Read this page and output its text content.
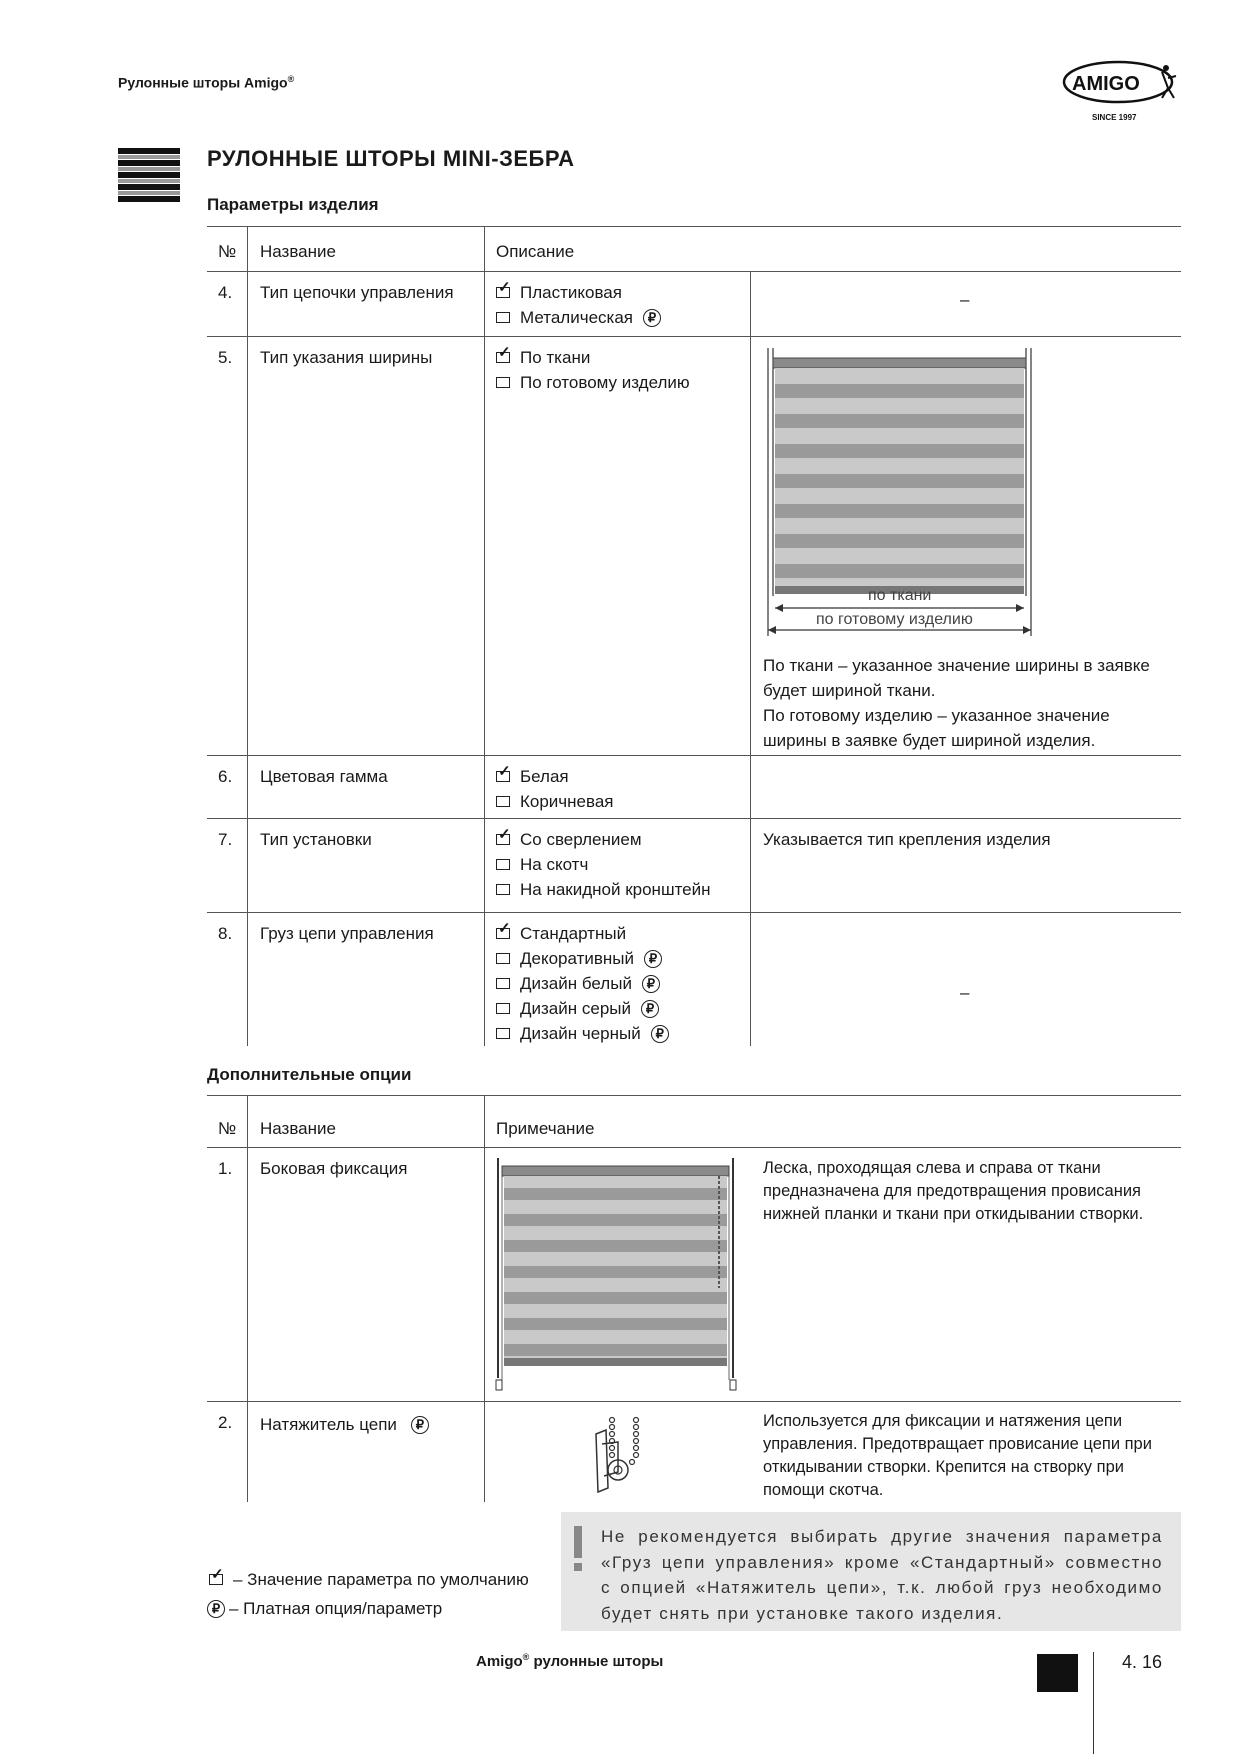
Рулонные шторы Amigo®	AMIGO
SINCE 1997
РУЛОННЫЕ ШТОРЫ MINI-ЗЕБРА
Параметры изделия
№ Название	Описание
4. Тип цепочки управления ✓	Пластиковая
Металическая	₽
–
5. Тип указания ширины ✓	По ткани
По готовому изделию
по ткани
по готовому изделию
По ткани – указанное значение ширины в заявке будет шириной ткани.
По готовому изделию – указанное значение ширины в заявке будет шириной изделия.
6. Цветовая гамма ✓	Белая
Коричневая
7. Тип установки ✓	Со сверлением
На скотч
На накидной кронштейн
Указывается тип крепления изделия
8. Груз цепи управления ✓	Стандартный
Декоративный	₽
Дизайн белый	₽
Дизайн серый	₽
Дизайн черный	₽
–
Дополнительные опции
№ Название	Примечание
1. Боковая фиксация	Леска, проходящая слева и справа от ткани предназначена для предотвращения провисания нижней планки и ткани при откидывании створки.
2. Натяжитель цепи	₽	Используется для фиксации и натяжения цепи управления. Предотвращает провисание цепи при откидывании створки. Крепится на створку при помощи скотча.
✓
– Значение параметра по умолчанию
₽ – Платная опция/параметр
Не рекомендуется выбирать другие значения параметра «Груз цепи управления» кроме «Стандартный» совместно с опцией «Натяжитель цепи», т.к. любой груз необходимо будет снять при установке такого изделия.
Amigo® рулонные шторы	4. 16
